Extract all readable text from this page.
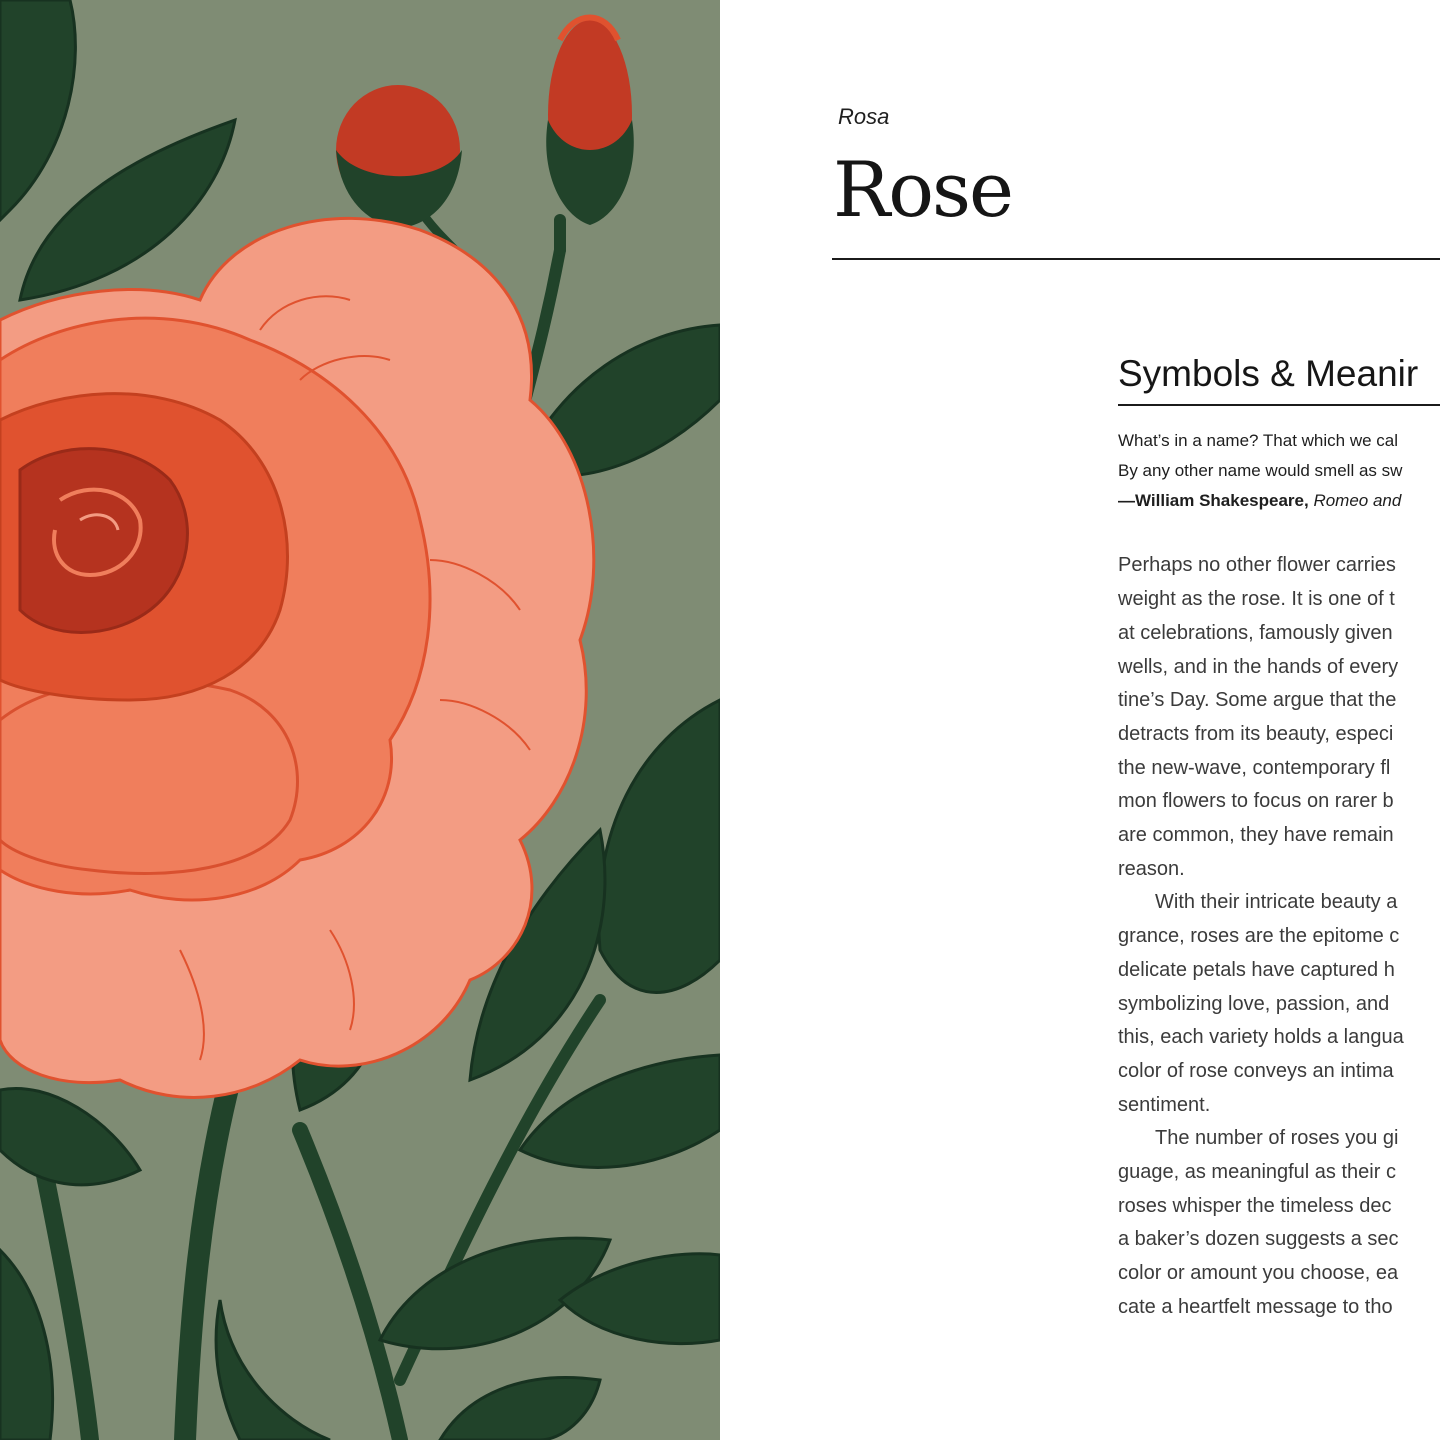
Rosa
Rose
Symbols & Meanir
What’s in a name? That which we cal
By any other name would smell as sw
—William Shakespeare, Romeo and
Perhaps no other flower carries
weight as the rose. It is one of t
at celebrations, famously given
wells, and in the hands of every
tine’s Day. Some argue that the
detracts from its beauty, especi
the new-wave, contemporary fl
mon flowers to focus on rarer b
are common, they have remain
reason.
With their intricate beauty a
grance, roses are the epitome c
delicate petals have captured h
symbolizing love, passion, and
this, each variety holds a langua
color of rose conveys an intima
sentiment.
The number of roses you gi
guage, as meaningful as their c
roses whisper the timeless dec
a baker’s dozen suggests a sec
color or amount you choose, ea
cate a heartfelt message to tho
